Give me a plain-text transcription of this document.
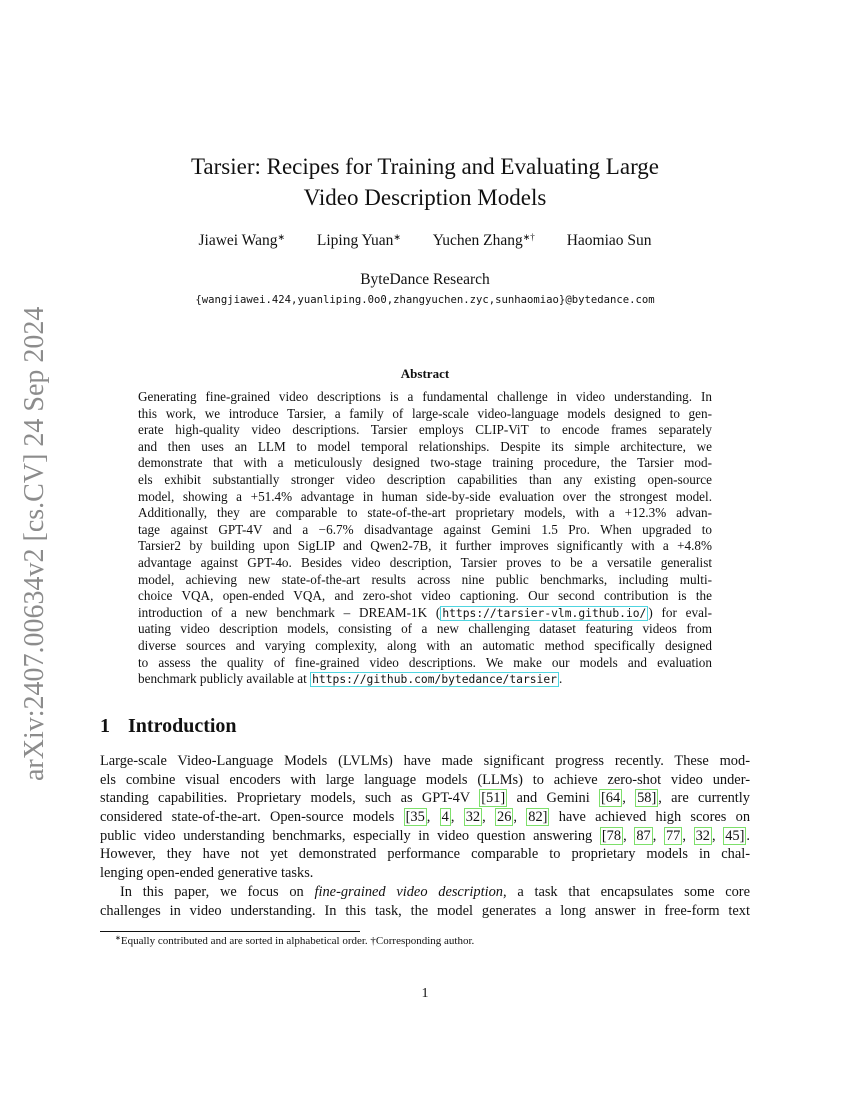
arXiv:2407.00634v2 [cs.CV] 24 Sep 2024
Tarsier: Recipes for Training and Evaluating Large
Video Description Models
Jiawei Wang∗ Liping Yuan∗ Yuchen Zhang∗† Haomiao Sun
ByteDance Research
{wangjiawei.424,yuanliping.0o0,zhangyuchen.zyc,sunhaomiao}@bytedance.com
Abstract
Generating fine-grained video descriptions is a fundamental challenge in video understanding. In
this work, we introduce Tarsier, a family of large-scale video-language models designed to gen-
erate high-quality video descriptions. Tarsier employs CLIP-ViT to encode frames separately
and then uses an LLM to model temporal relationships. Despite its simple architecture, we
demonstrate that with a meticulously designed two-stage training procedure, the Tarsier mod-
els exhibit substantially stronger video description capabilities than any existing open-source
model, showing a +51.4% advantage in human side-by-side evaluation over the strongest model.
Additionally, they are comparable to state-of-the-art proprietary models, with a +12.3% advan-
tage against GPT-4V and a −6.7% disadvantage against Gemini 1.5 Pro. When upgraded to
Tarsier2 by building upon SigLIP and Qwen2-7B, it further improves significantly with a +4.8%
advantage against GPT-4o. Besides video description, Tarsier proves to be a versatile generalist
model, achieving new state-of-the-art results across nine public benchmarks, including multi-
choice VQA, open-ended VQA, and zero-shot video captioning. Our second contribution is the
introduction of a new benchmark – DREAM-1K ( https://tarsier-vlm.github.io/ ) for eval-
uating video description models, consisting of a new challenging dataset featuring videos from
diverse sources and varying complexity, along with an automatic method specifically designed
to assess the quality of fine-grained video descriptions. We make our models and evaluation
benchmark publicly available at https://github.com/bytedance/tarsier .
1 Introduction
Large-scale Video-Language Models (LVLMs) have made significant progress recently. These mod-
els combine visual encoders with large language models (LLMs) to achieve zero-shot video under-
standing capabilities. Proprietary models, such as GPT-4V [51] and Gemini [64 , 58] , are currently
considered state-of-the-art. Open-source models [35 , 4 , 32 , 26 , 82] have achieved high scores on
public video understanding benchmarks, especially in video question answering [78 , 87 , 77 , 32 , 45] .
However, they have not yet demonstrated performance comparable to proprietary models in chal-
lenging open-ended generative tasks.
In this paper, we focus on fine-grained video description, a task that encapsulates some core
challenges in video understanding. In this task, the model generates a long answer in free-form text
∗Equally contributed and are sorted in alphabetical order. †Corresponding author.
1
